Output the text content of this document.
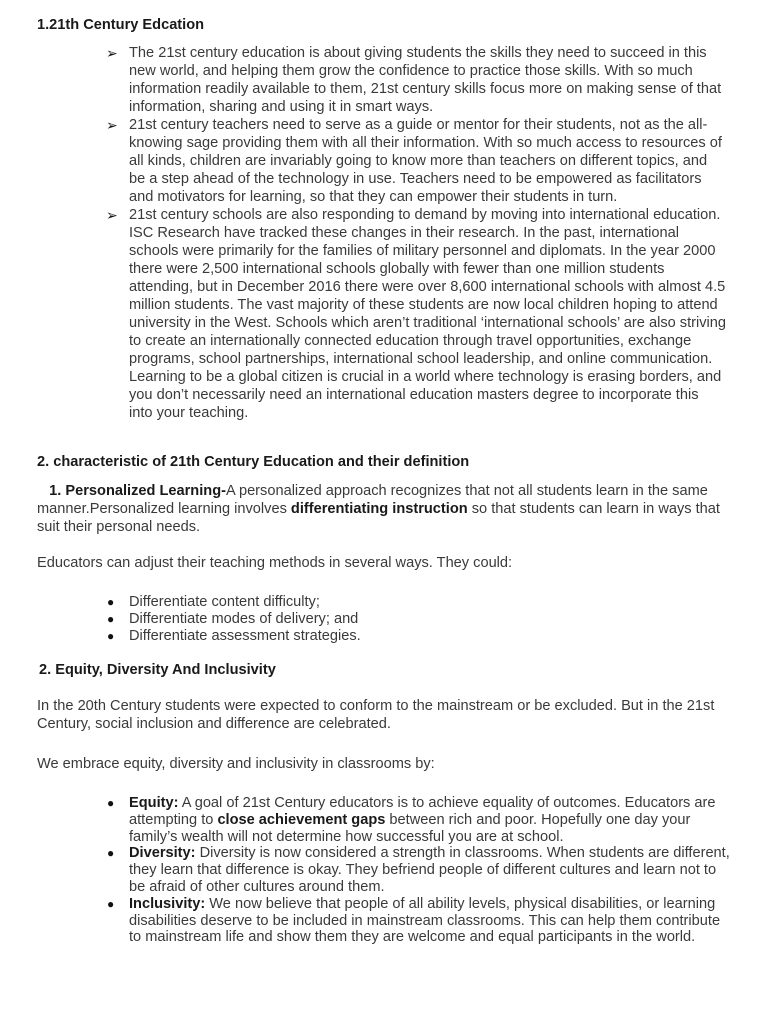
1.21th Century Edcation
➢ The 21st century education is about giving students the skills they need to succeed in this new world, and helping them grow the confidence to practice those skills. With so much information readily available to them, 21st century skills focus more on making sense of that information, sharing and using it in smart ways.
➢ 21st century teachers need to serve as a guide or mentor for their students, not as the all-knowing sage providing them with all their information. With so much access to resources of all kinds, children are invariably going to know more than teachers on different topics, and be a step ahead of the technology in use. Teachers need to be empowered as facilitators and motivators for learning, so that they can empower their students in turn.
➢ 21st century schools are also responding to demand by moving into international education. ISC Research have tracked these changes in their research. In the past, international schools were primarily for the families of military personnel and diplomats. In the year 2000 there were 2,500 international schools globally with fewer than one million students attending, but in December 2016 there were over 8,600 international schools with almost 4.5 million students. The vast majority of these students are now local children hoping to attend university in the West. Schools which aren’t traditional ‘international schools’ are also striving to create an internationally connected education through travel opportunities, exchange programs, school partnerships, international school leadership, and online communication. Learning to be a global citizen is crucial in a world where technology is erasing borders, and you don’t necessarily need an international education masters degree to incorporate this into your teaching.
2. characteristic of 21th Century Education and their definition
1. Personalized Learning-A personalized approach recognizes that not all students learn in the same manner.Personalized learning involves differentiating instruction so that students can learn in ways that suit their personal needs.
Educators can adjust their teaching methods in several ways. They could:
● Differentiate content difficulty;
● Differentiate modes of delivery; and
● Differentiate assessment strategies.
2. Equity, Diversity And Inclusivity
In the 20th Century students were expected to conform to the mainstream or be excluded. But in the 21st Century, social inclusion and difference are celebrated.
We embrace equity, diversity and inclusivity in classrooms by:
● Equity: A goal of 21st Century educators is to achieve equality of outcomes. Educators are attempting to close achievement gaps between rich and poor. Hopefully one day your family’s wealth will not determine how successful you are at school.
● Diversity: Diversity is now considered a strength in classrooms. When students are different, they learn that difference is okay. They befriend people of different cultures and learn not to be afraid of other cultures around them.
● Inclusivity: We now believe that people of all ability levels, physical disabilities, or learning disabilities deserve to be included in mainstream classrooms. This can help them contribute to mainstream life and show them they are welcome and equal participants in the world.
